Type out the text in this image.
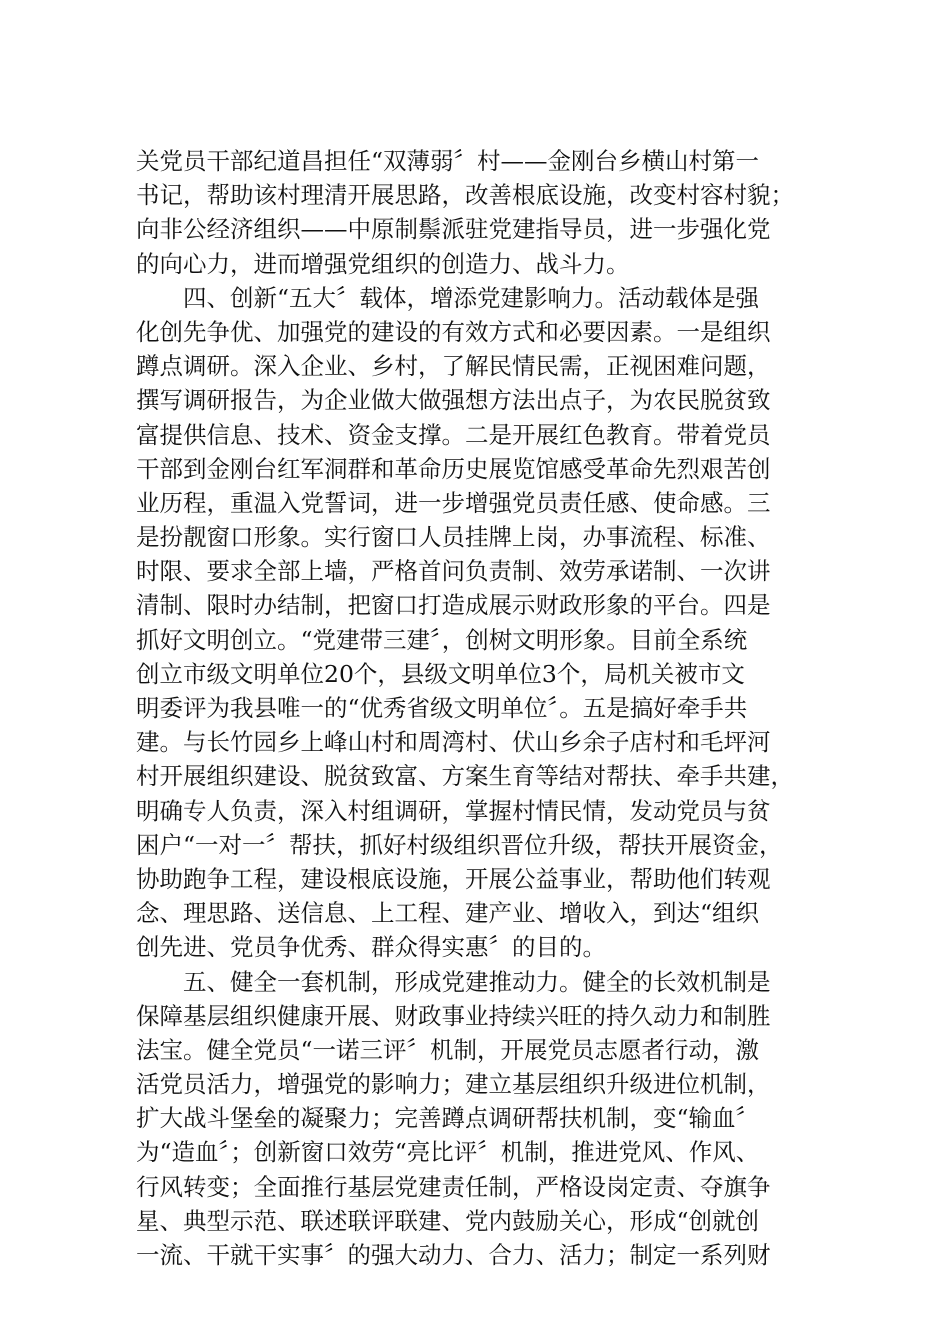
关党员干部纪道昌担任“双薄弱〞村——金刚台乡横山村第一
书记，帮助该村理清开展思路，改善根底设施，改变村容村貌；
向非公经济组织——中原制鬃派驻党建指导员，进一步强化党
的向心力，进而增强党组织的创造力、战斗力。
四、创新“五大〞载体，增添党建影响力。活动载体是强
化创先争优、加强党的建设的有效方式和必要因素。一是组织
蹲点调研。深入企业、乡村，了解民情民需，正视困难问题，
撰写调研报告，为企业做大做强想方法出点子，为农民脱贫致
富提供信息、技术、资金支撑。二是开展红色教育。带着党员
干部到金刚台红军洞群和革命历史展览馆感受革命先烈艰苦创
业历程，重温入党誓词，进一步增强党员责任感、使命感。三
是扮靓窗口形象。实行窗口人员挂牌上岗，办事流程、标准、
时限、要求全部上墙，严格首问负责制、效劳承诺制、一次讲
清制、限时办结制，把窗口打造成展示财政形象的平台。四是
抓好文明创立。“党建带三建〞，创树文明形象。目前全系统
创立市级文明单位20个，县级文明单位3个，局机关被市文
明委评为我县唯一的“优秀省级文明单位〞。五是搞好牵手共
建。与长竹园乡上峰山村和周湾村、伏山乡余子店村和毛坪河
村开展组织建设、脱贫致富、方案生育等结对帮扶、牵手共建，
明确专人负责，深入村组调研，掌握村情民情，发动党员与贫
困户“一对一〞帮扶，抓好村级组织晋位升级，帮扶开展资金，
协助跑争工程，建设根底设施，开展公益事业，帮助他们转观
念、理思路、送信息、上工程、建产业、增收入，到达“组织
创先进、党员争优秀、群众得实惠〞的目的。
五、健全一套机制，形成党建推动力。健全的长效机制是
保障基层组织健康开展、财政事业持续兴旺的持久动力和制胜
法宝。健全党员“一诺三评〞机制，开展党员志愿者行动，激
活党员活力，增强党的影响力；建立基层组织升级进位机制，
扩大战斗堡垒的凝聚力；完善蹲点调研帮扶机制，变“输血〞
为“造血〞；创新窗口效劳“亮比评〞机制，推进党风、作风、
行风转变；全面推行基层党建责任制，严格设岗定责、夺旗争
星、典型示范、联述联评联建、党内鼓励关心，形成“创就创
一流、干就干实事〞的强大动力、合力、活力；制定一系列财
